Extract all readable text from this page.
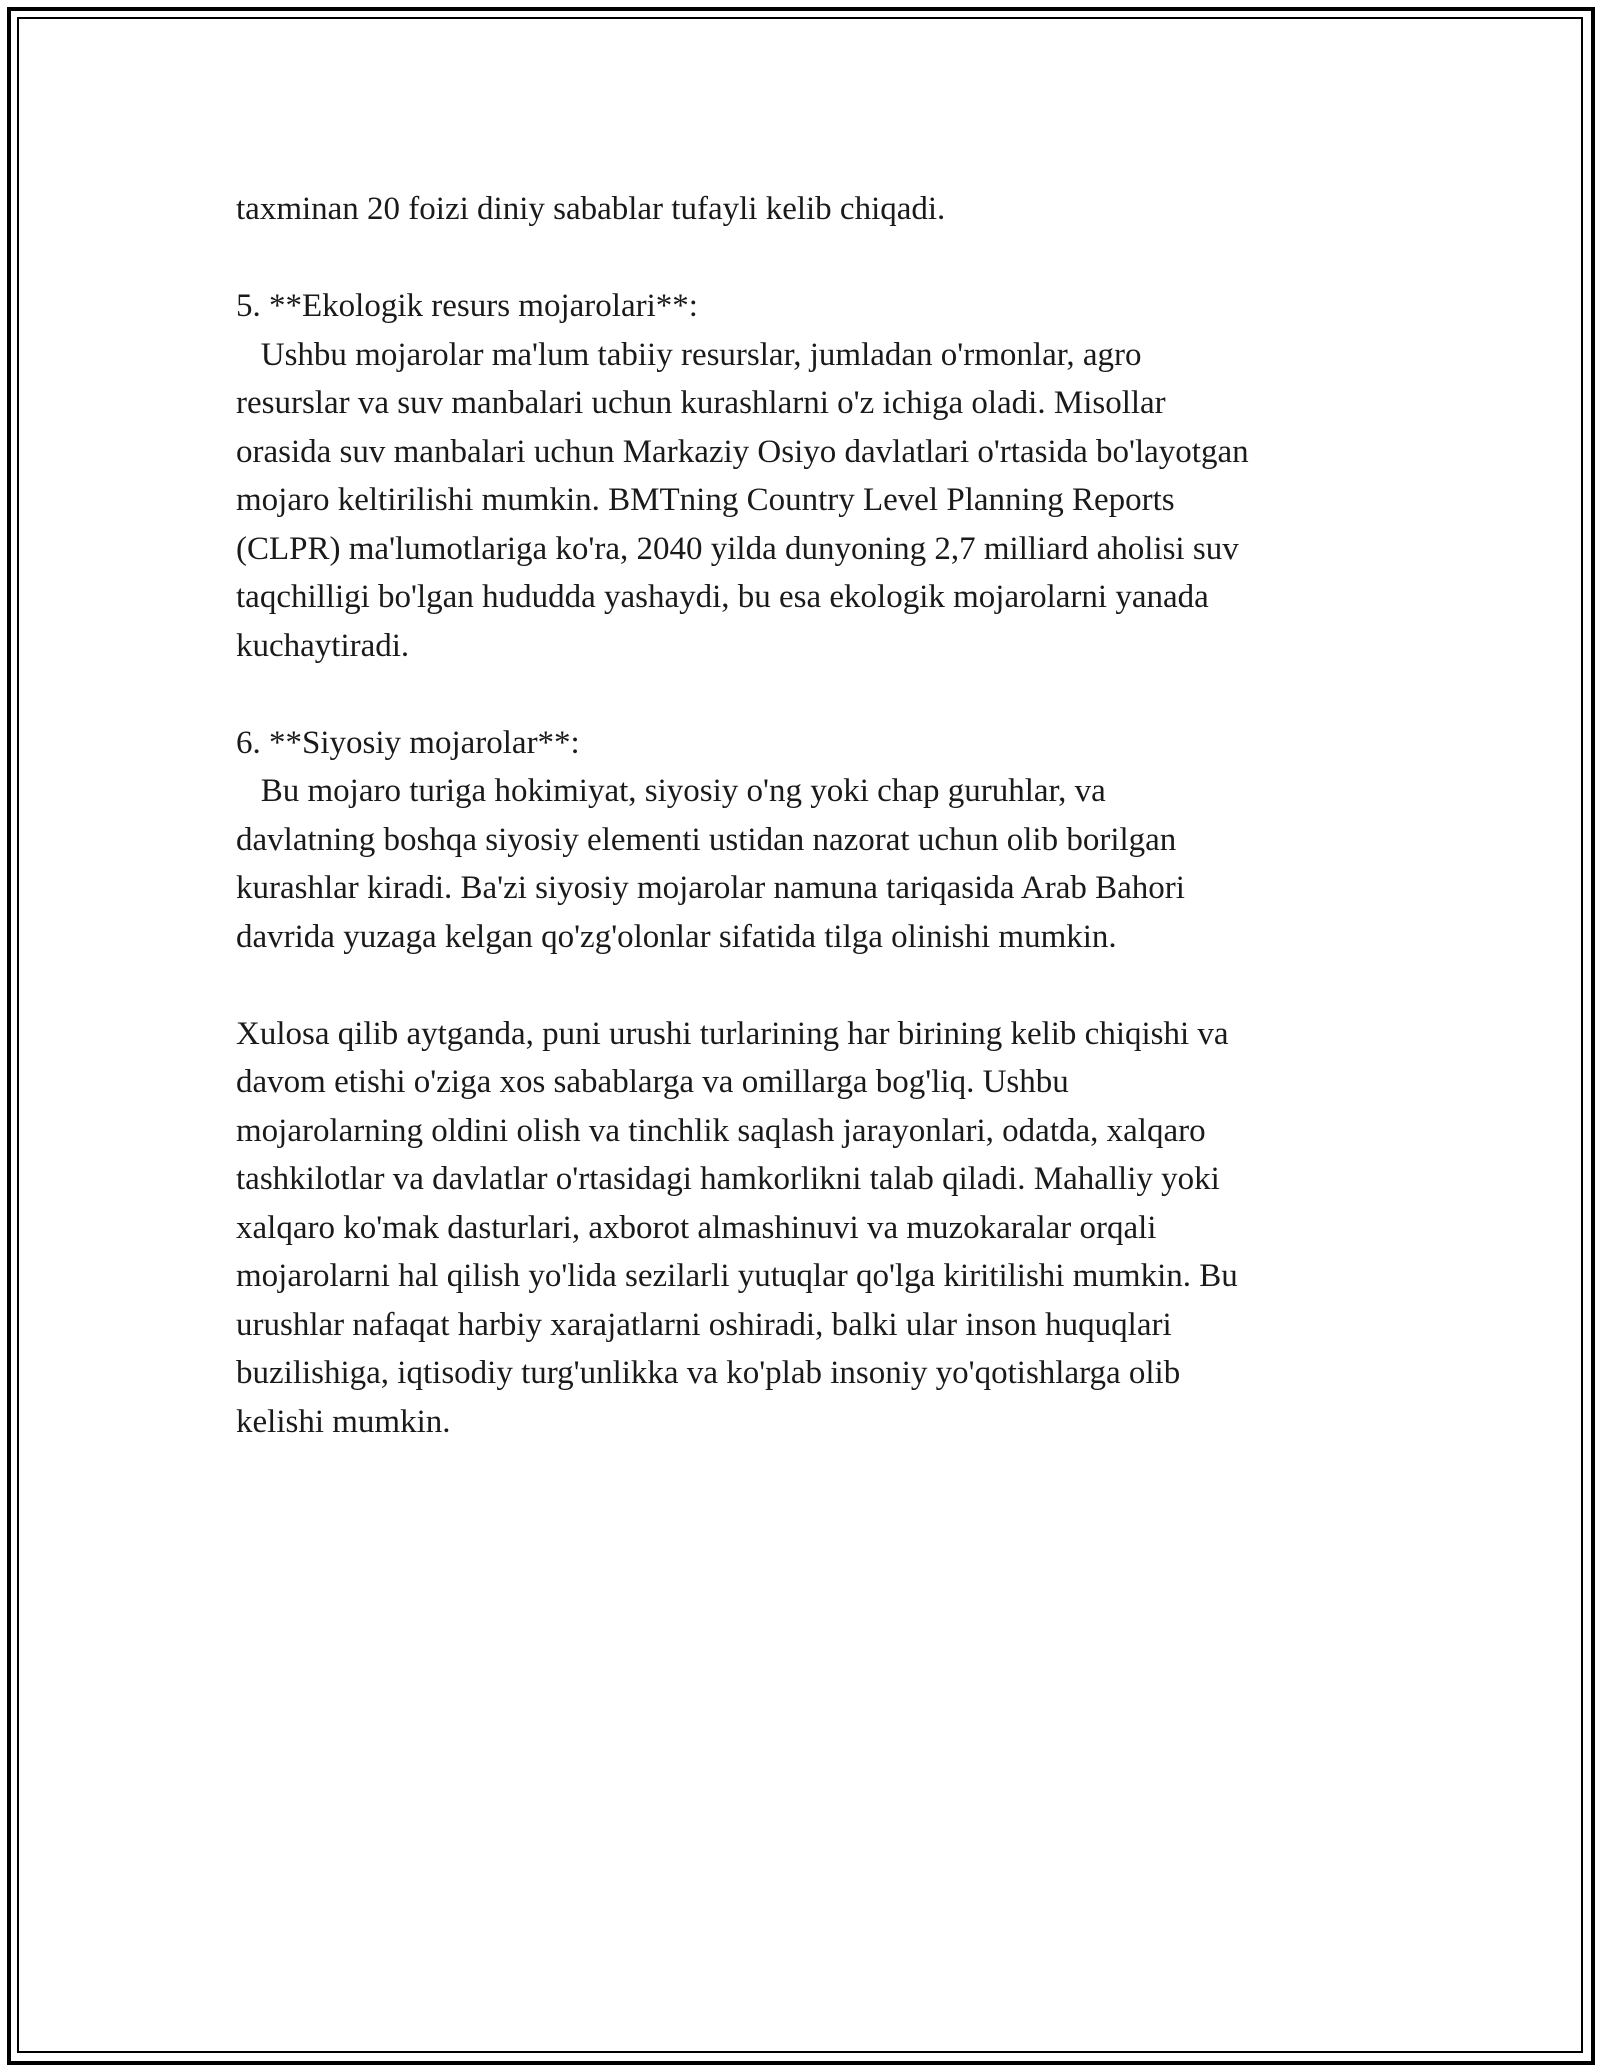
taxminan 20 foizi diniy sabablar tufayli kelib chiqadi.
5. **Ekologik resurs mojarolari**:
Ushbu mojarolar ma'lum tabiiy resurslar, jumladan o'rmonlar, agro
resurslar va suv manbalari uchun kurashlarni o'z ichiga oladi. Misollar
orasida suv manbalari uchun Markaziy Osiyo davlatlari o'rtasida bo'layotgan
mojaro keltirilishi mumkin. BMTning Country Level Planning Reports
(CLPR) ma'lumotlariga ko'ra, 2040 yilda dunyoning 2,7 milliard aholisi suv
taqchilligi bo'lgan hududda yashaydi, bu esa ekologik mojarolarni yanada
kuchaytiradi.
6. **Siyosiy mojarolar**:
Bu mojaro turiga hokimiyat, siyosiy o'ng yoki chap guruhlar, va
davlatning boshqa siyosiy elementi ustidan nazorat uchun olib borilgan
kurashlar kiradi. Ba'zi siyosiy mojarolar namuna tariqasida Arab Bahori
davrida yuzaga kelgan qo'zg'olonlar sifatida tilga olinishi mumkin.
Xulosa qilib aytganda, puni urushi turlarining har birining kelib chiqishi va
davom etishi o'ziga xos sabablarga va omillarga bog'liq. Ushbu
mojarolarning oldini olish va tinchlik saqlash jarayonlari, odatda, xalqaro
tashkilotlar va davlatlar o'rtasidagi hamkorlikni talab qiladi. Mahalliy yoki
xalqaro ko'mak dasturlari, axborot almashinuvi va muzokaralar orqali
mojarolarni hal qilish yo'lida sezilarli yutuqlar qo'lga kiritilishi mumkin. Bu
urushlar nafaqat harbiy xarajatlarni oshiradi, balki ular inson huquqlari
buzilishiga, iqtisodiy turg'unlikka va ko'plab insoniy yo'qotishlarga olib
kelishi mumkin.
